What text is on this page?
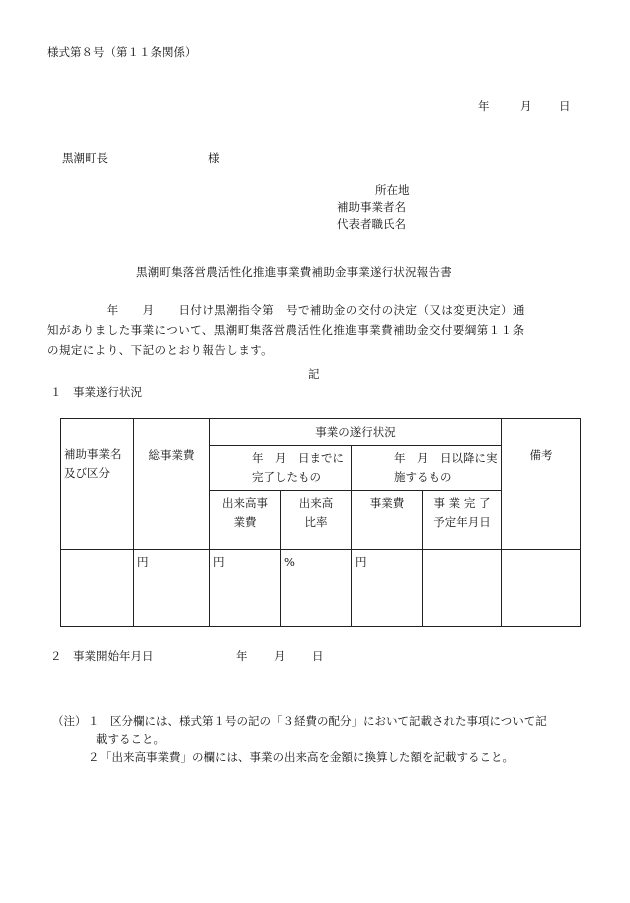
様式第８号（第１１条関係）
年	月 日
黒潮町長	様
所在地
補助事業者名
代表者職氏名
黒潮町集落営農活性化推進事業費補助金事業遂行状況報告書
　　　　　年　　月　　日付け黒潮指令第　号で補助金の交付の決定（又は変更決定）通
知がありました事業について、黒潮町集落営農活性化推進事業費補助金交付要綱第１１条
の規定により、下記のとおり報告します。
記
１　事業遂行状況
補助事業名及び区分	総事業費	事業の遂行状況				備考
		年　月　日までに完了したもの		年　月　日以降に実施するもの		
		出来高事業費	出来高比率	事業費	事 業 完 了予定年月日	
	円	円	%	円		
２　事業開始年月日	年 月 日
（注） １ 区分欄には、様式第１号の記の「３経費の配分」において記載された事項について記
載すること。
２ 「出来高事業費」の欄には、事業の出来高を金額に換算した額を記載すること。
